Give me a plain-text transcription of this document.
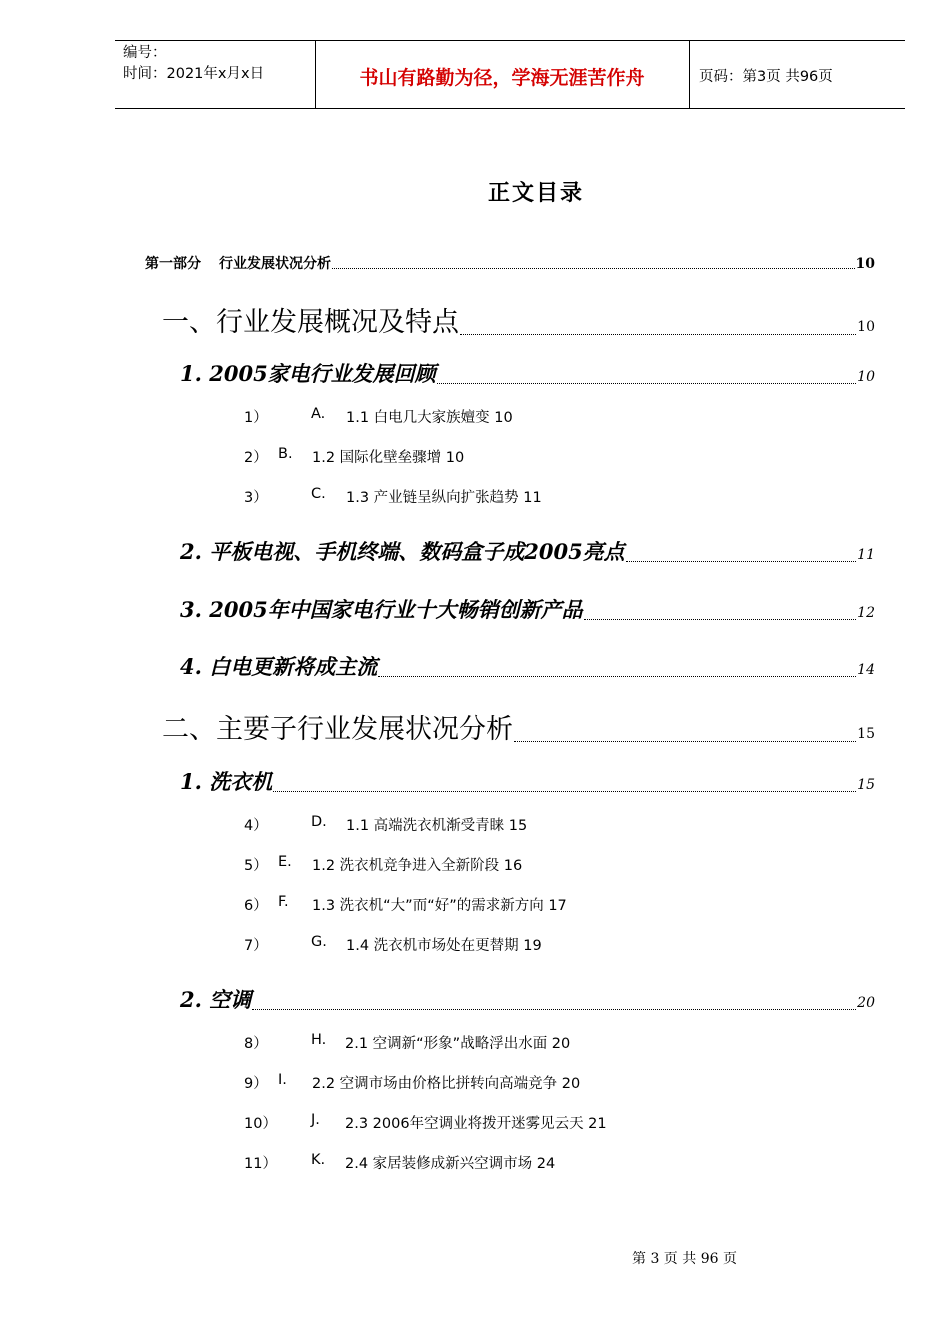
编号：
时间：2021年x月x日	书山有路勤为径，学海无涯苦作舟	页码：第3页 共96页
正文目录
第一部分 行业发展状况分析	10
一、行业发展概况及特点	10
1. 2005家电行业发展回顾	10
1）	A. 1.1 白电几大家族嬗变 10
2） B. 1.2 国际化壁垒骤增 10
3）	C. 1.3 产业链呈纵向扩张趋势 11
2. 平板电视、手机终端、数码盒子成2005亮点	11
3. 2005年中国家电行业十大畅销创新产品	12
4. 白电更新将成主流	14
二、主要子行业发展状况分析	15
1. 洗衣机	15
4）	D. 1.1 高端洗衣机渐受青睐 15
5） E. 1.2 洗衣机竞争进入全新阶段 16
6） F. 1.3 洗衣机“大”而“好”的需求新方向 17
7）	G. 1.4 洗衣机市场处在更替期 19
2. 空调	20
8）	H. 2.1 空调新“形象”战略浮出水面 20
9） I. 2.2 空调市场由价格比拼转向高端竞争 20
10） J. 2.3 2006年空调业将拨开迷雾见云天 21
11） K. 2.4 家居装修成新兴空调市场 24
第 3 页 共 96 页
